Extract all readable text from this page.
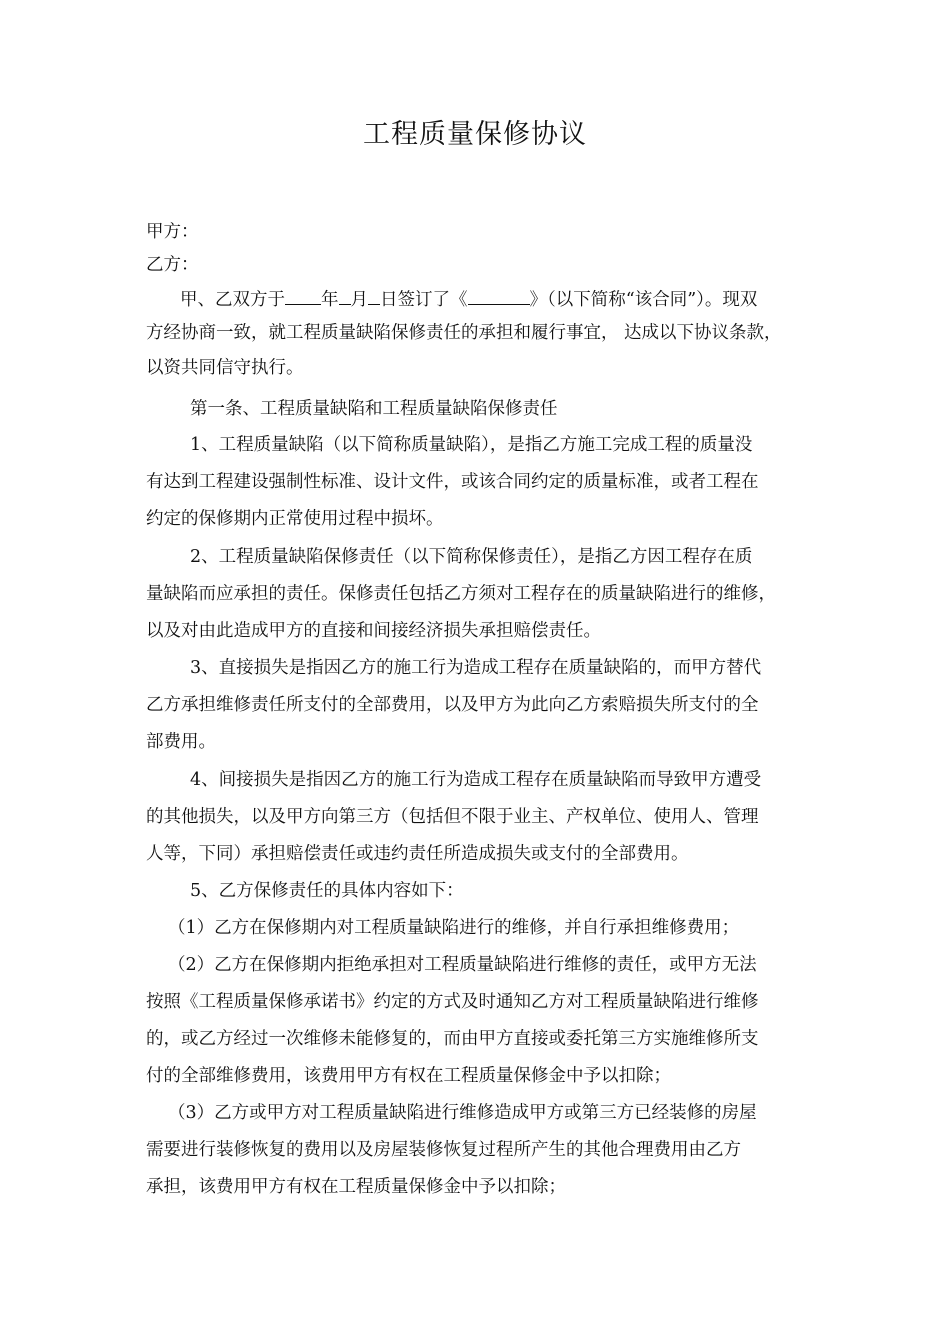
工程质量保修协议
甲方：
乙方：
甲、乙双方于 年 月 日签订了《	》（以下简称“该合同”）。现双
方经协商一致，就工程质量缺陷保修责任的承担和履行事宜， 达成以下协议条款，
以资共同信守执行。
第一条、工程质量缺陷和工程质量缺陷保修责任
1、工程质量缺陷（以下简称质量缺陷），是指乙方施工完成工程的质量没
有达到工程建设强制性标准、设计文件，或该合同约定的质量标准，或者工程在
约定的保修期内正常使用过程中损坏。
2、工程质量缺陷保修责任（以下简称保修责任），是指乙方因工程存在质
量缺陷而应承担的责任。保修责任包括乙方须对工程存在的质量缺陷进行的维修，
以及对由此造成甲方的直接和间接经济损失承担赔偿责任。
3、直接损失是指因乙方的施工行为造成工程存在质量缺陷的，而甲方替代
乙方承担维修责任所支付的全部费用，以及甲方为此向乙方索赔损失所支付的全
部费用。
4、间接损失是指因乙方的施工行为造成工程存在质量缺陷而导致甲方遭受
的其他损失，以及甲方向第三方（包括但不限于业主、产权单位、使用人、管理
人等，下同）承担赔偿责任或违约责任所造成损失或支付的全部费用。
5、乙方保修责任的具体内容如下：
（1）乙方在保修期内对工程质量缺陷进行的维修，并自行承担维修费用；
（2）乙方在保修期内拒绝承担对工程质量缺陷进行维修的责任，或甲方无法
按照《工程质量保修承诺书》约定的方式及时通知乙方对工程质量缺陷进行维修
的，或乙方经过一次维修未能修复的，而由甲方直接或委托第三方实施维修所支
付的全部维修费用，该费用甲方有权在工程质量保修金中予以扣除；
（3）乙方或甲方对工程质量缺陷进行维修造成甲方或第三方已经装修的房屋
需要进行装修恢复的费用以及房屋装修恢复过程所产生的其他合理费用由乙方
承担，该费用甲方有权在工程质量保修金中予以扣除；
